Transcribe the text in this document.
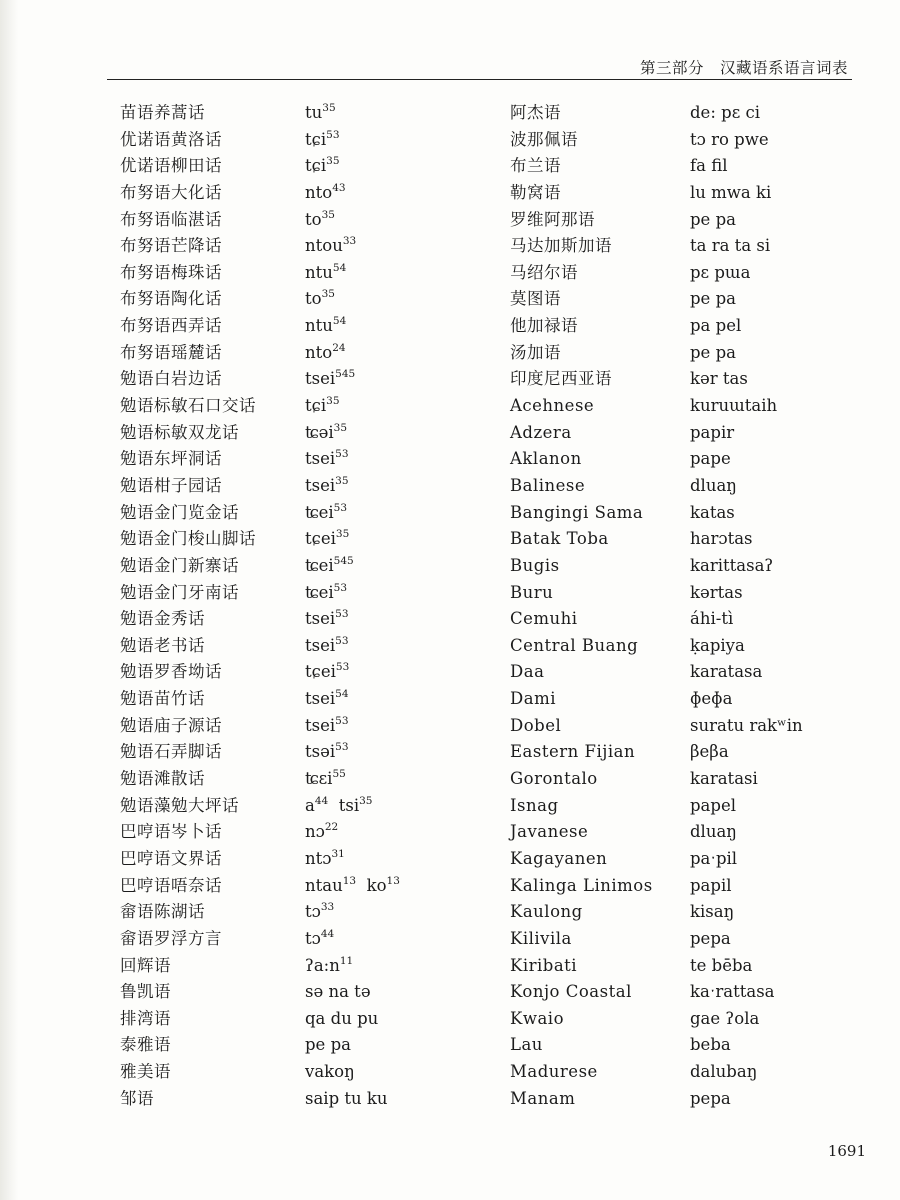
第三部分　汉藏语系语言词表
苗语养蒿话
优诺语黄洛话
优诺语柳田话
布努语大化话
布努语临湛话
布努语芒降话
布努语梅珠话
布努语陶化话
布努语西弄话
布努语瑶麓话
勉语白岩边话
勉语标敏石口交话
勉语标敏双龙话
勉语东坪洞话
勉语柑子园话
勉语金门览金话
勉语金门梭山脚话
勉语金门新寨话
勉语金门牙南话
勉语金秀话
勉语老书话
勉语罗香坳话
勉语苗竹话
勉语庙子源话
勉语石弄脚话
勉语滩散话
勉语藻勉大坪话
巴哼语岑卜话
巴哼语文界话
巴哼语唔奈话
畲语陈湖话
畲语罗浮方言
回辉语
鲁凯语
排湾语
泰雅语
雅美语
邹语
$tu^{35}$
tɕi$^{53}$
tɕi$^{35}$
nto$^{43}$
$to^{35}$
ntou$^{33}$
ntu$^{54}$
$to^{35}$
ntu$^{54}$
nto$^{24}$
tsei$^{545}$
tɕi$^{35}$
ʨəi$^{35}$
tsei$^{53}$
tsei$^{35}$
ʨei$^{53}$
tɕei$^{35}$
ʨei$^{545}$
ʨei$^{53}$
tsei$^{53}$
tsei$^{53}$
tɕei$^{53}$
tsei$^{54}$
tsei$^{53}$
tsəi$^{53}$
ʨɛi$^{55}$
$a^{44}$ tsi$^{35}$
nɔ$^{22}$
ntɔ$^{31}$
ntau$^{13}$ $ko^{13}$
tɔ$^{33}$
tɔ$^{44}$
$ʔa:n^{11}$
sə na tə
qa du pu
pe pa
vakoŋ
saip tu ku
阿杰语
波那佩语
布兰语
勒窝语
罗维阿那语
马达加斯加语
马绍尔语
莫图语
他加禄语
汤加语
印度尼西亚语
Acehnese
Adzera
Aklanon
Balinese
Bangingi Sama
Batak Toba
Bugis
Buru
Cemuhi
Central Buang
Daa
Dami
Dobel
Eastern Fijian
Gorontalo
Isnag
Javanese
Kagayanen
Kalinga Linimos
Kaulong
Kilivila
Kiribati
Konjo Coastal
Kwaio
Lau
Madurese
Manam
de: pɛ ci
tɔ ro pwe
fa fil
lu mwa ki
pe pa
ta ra ta si
pɛ pɯa
pe pa
pa pel
pe pa
kər tas
kuruɯtaih
papir
pape
dluaŋ
katas
harɔtas
karittasaʔ
kərtas
áhi-tì
ḳapiya
karatasa
ɸeɸa
suratu rakʷin
βeβa
karatasi
papel
dluaŋ
paˑpil
papil
kisaŋ
pepa
te bēba
kaˑrattasa
gae ʔola
beba
dalubaŋ
pepa
1691
